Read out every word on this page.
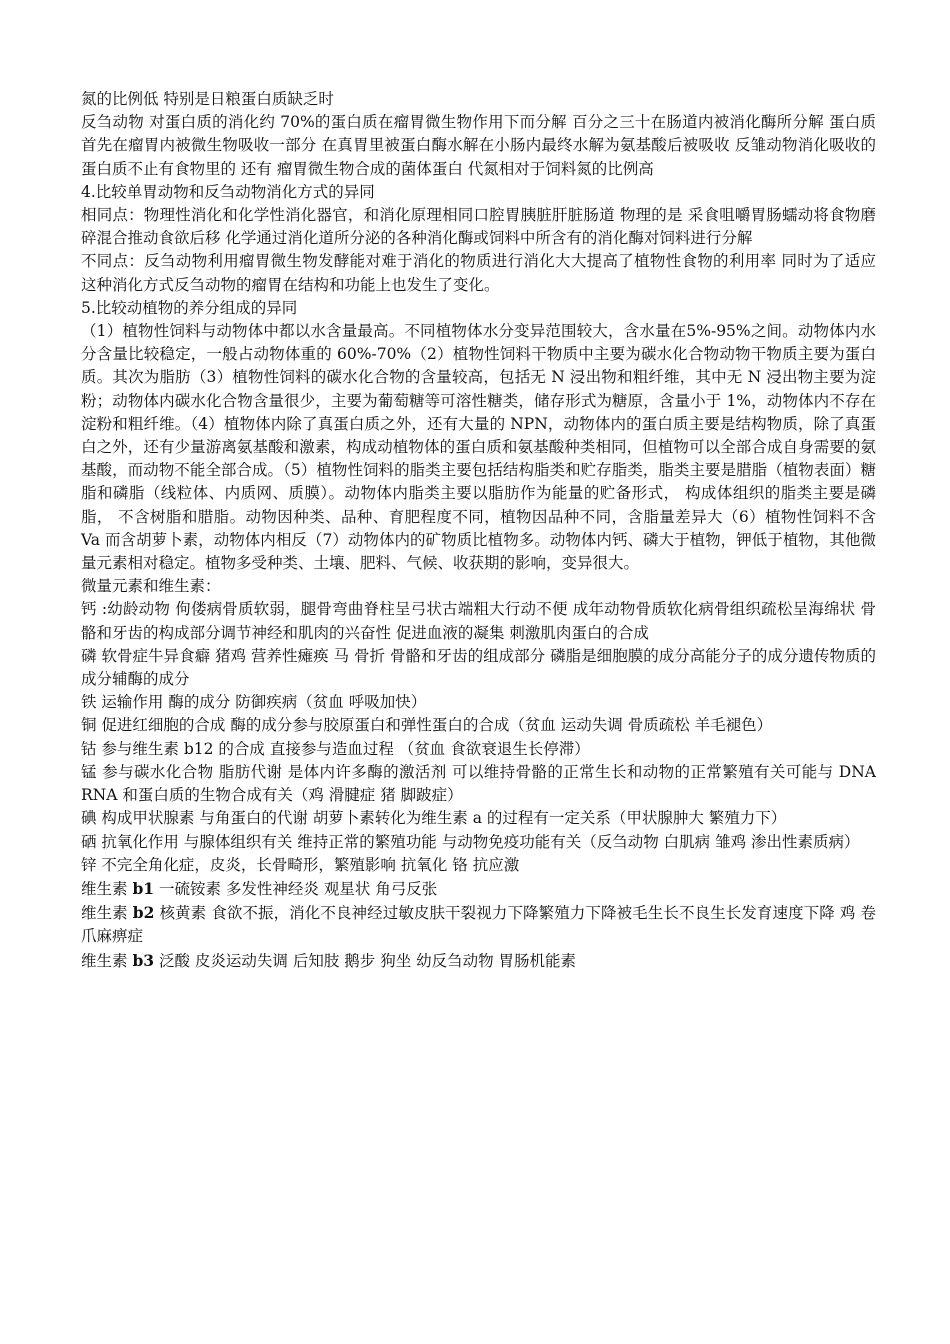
氮的比例低 特别是日粮蛋白质缺乏时

反刍动物 对蛋白质的消化约 70%的蛋白质在瘤胃微生物作用下而分解 百分之三十在肠道内被消化酶所分解 蛋白质首先在瘤胃内被微生物吸收一部分 在真胃里被蛋白酶水解在小肠内最终水解为氨基酸后被吸收 反雏动物消化吸收的蛋白质不止有食物里的 还有 瘤胃微生物合成的菌体蛋白 代氮相对于饲料氮的比例高

4.比较单胃动物和反刍动物消化方式的异同

相同点：物理性消化和化学性消化器官，和消化原理相同口腔胃胰脏肝脏肠道 物理的是 采食咀嚼胃肠蠕动将食物磨碎混合推动食欲后移 化学通过消化道所分泌的各种消化酶或饲料中所含有的消化酶对饲料进行分解

不同点：反刍动物利用瘤胃微生物发酵能对难于消化的物质进行消化大大提高了植物性食物的利用率 同时为了适应这种消化方式反刍动物的瘤胃在结构和功能上也发生了变化。

5.比较动植物的养分组成的异同

（1）植物性饲料与动物体中都以水含量最高。不同植物体水分变异范围较大，含水量在5%-95%之间。动物体内水分含量比较稳定，一般占动物体重的 60%-70%（2）植物性饲料干物质中主要为碳水化合物动物干物质主要为蛋白质。其次为脂肪（3）植物性饲料的碳水化合物的含量较高，包括无 N 浸出物和粗纤维，其中无 N 浸出物主要为淀粉；动物体内碳水化合物含量很少，主要为葡萄糖等可溶性糖类，储存形式为糖原，含量小于 1%，动物体内不存在淀粉和粗纤维。（4）植物体内除了真蛋白质之外，还有大量的 NPN，动物体内的蛋白质主要是结构物质，除了真蛋白之外，还有少量游离氨基酸和激素，构成动植物体的蛋白质和氨基酸种类相同，但植物可以全部合成自身需要的氨基酸，而动物不能全部合成。（5）植物性饲料的脂类主要包括结构脂类和贮存脂类，脂类主要是腊脂（植物表面）糖脂和磷脂（线粒体、内质网、质膜）。动物体内脂类主要以脂肪作为能量的贮备形式， 构成体组织的脂类主要是磷脂， 不含树脂和腊脂。动物因种类、品种、育肥程度不同，植物因品种不同，含脂量差异大（6）植物性饲料不含 Va 而含胡萝卜素，动物体内相反（7）动物体内的矿物质比植物多。动物体内钙、磷大于植物，钾低于植物，其他微量元素相对稳定。植物多受种类、土壤、肥料、气候、收获期的影响，变异很大。

微量元素和维生素：

钙 :幼龄动物 佝偻病骨质软弱，腿骨弯曲脊柱呈弓状古端粗大行动不便 成年动物骨质软化病骨组织疏松呈海绵状 骨骼和牙齿的构成部分调节神经和肌肉的兴奋性 促进血液的凝集 刺激肌肉蛋白的合成

磷 软骨症牛异食癖 猪鸡 营养性瘫痪 马 骨折 骨骼和牙齿的组成部分 磷脂是细胞膜的成分高能分子的成分遗传物质的成分辅酶的成分

铁 运输作用 酶的成分 防御疾病（贫血 呼吸加快）

铜 促进红细胞的合成 酶的成分参与胶原蛋白和弹性蛋白的合成（贫血 运动失调 骨质疏松 羊毛褪色）

钴 参与维生素 b12 的合成 直接参与造血过程 （贫血 食欲衰退生长停滞）

锰 参与碳水化合物 脂肪代谢 是体内许多酶的激活剂 可以维持骨骼的正常生长和动物的正常繁殖有关可能与 DNA RNA 和蛋白质的生物合成有关（鸡 滑腱症 猪 脚跛症）

碘 构成甲状腺素 与角蛋白的代谢 胡萝卜素转化为维生素 a 的过程有一定关系（甲状腺肿大 繁殖力下）

硒 抗氧化作用 与腺体组织有关 维持正常的繁殖功能 与动物免疫功能有关（反刍动物 白肌病 雏鸡 渗出性素质病）

锌 不完全角化症，皮炎，长骨畸形，繁殖影响 抗氧化 铬 抗应激

维生素 b1 一硫铵素 多发性神经炎 观星状 角弓反张

维生素 b2 核黄素 食欲不振，消化不良神经过敏皮肤干裂视力下降繁殖力下降被毛生长不良生长发育速度下降 鸡 卷爪麻痹症

维生素 b3 泛酸 皮炎运动失调 后知肢 鹅步 狗坐 幼反刍动物 胃肠机能素
